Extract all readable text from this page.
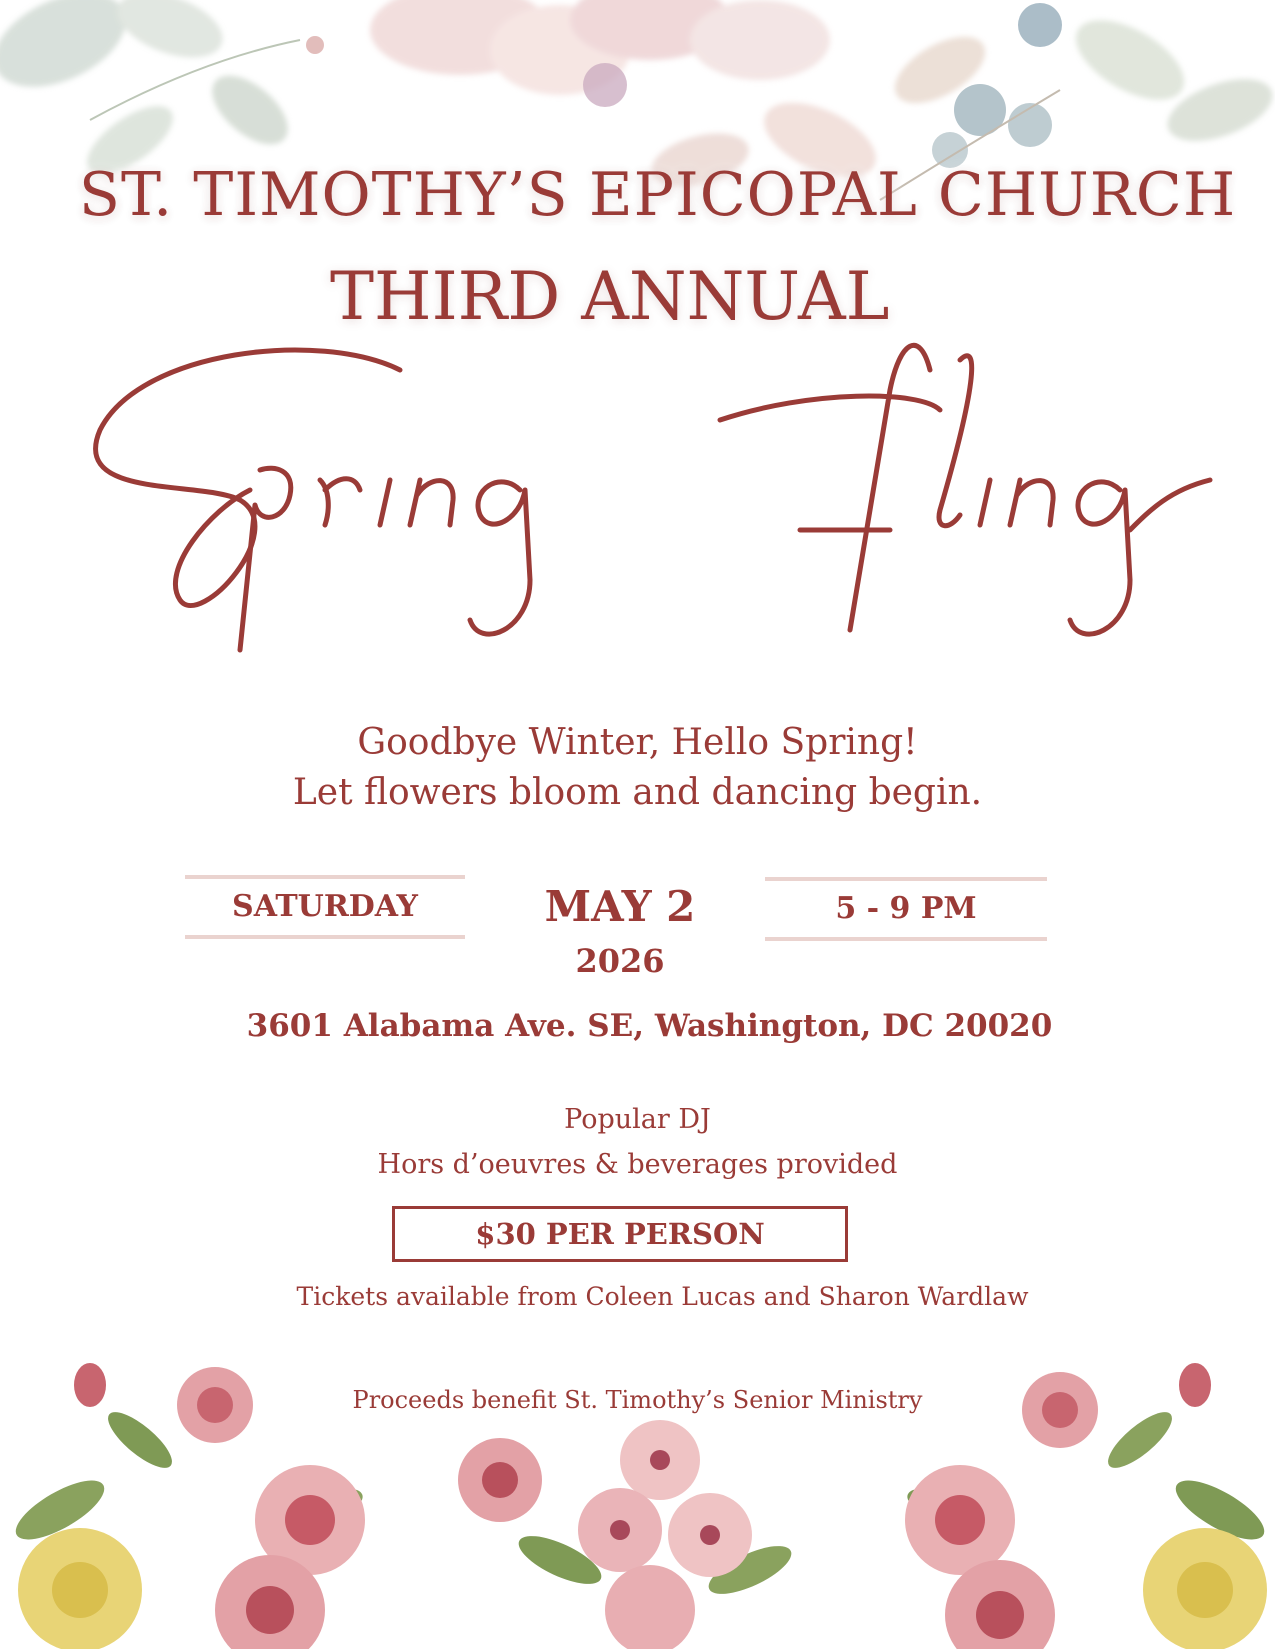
ST. TIMOTHY’S EPICOPAL CHURCH
THIRD ANNUAL
Spring Fling
Goodbye Winter, Hello Spring!
Let flowers bloom and dancing begin.
SATURDAY	MAY 2
2026
5 - 9 PM
3601 Alabama Ave. SE, Washington, DC 20020
Popular DJ
Hors d’oeuvres & beverages provided
$30 PER PERSON
Tickets available from Coleen Lucas and Sharon Wardlaw
Proceeds benefit St. Timothy’s Senior Ministry
